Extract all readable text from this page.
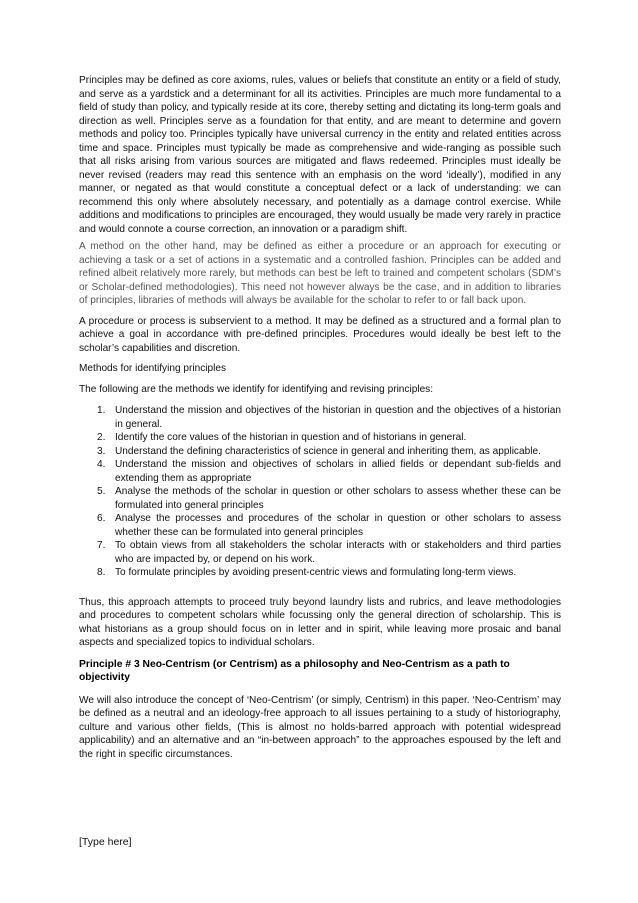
Principles may be defined as core axioms, rules, values or beliefs that constitute an entity or a field of study, and serve as a yardstick and a determinant for all its activities. Principles are much more fundamental to a field of study than policy, and typically reside at its core, thereby setting and dictating its long-term goals and direction as well. Principles serve as a foundation for that entity, and are meant to determine and govern methods and policy too. Principles typically have universal currency in the entity and related entities across time and space. Principles must typically be made as comprehensive and wide-ranging as possible such that all risks arising from various sources are mitigated and flaws redeemed. Principles must ideally be never revised (readers may read this sentence with an emphasis on the word ‘ideally’), modified in any manner, or negated as that would constitute a conceptual defect or a lack of understanding: we can recommend this only where absolutely necessary, and potentially as a damage control exercise. While additions and modifications to principles are encouraged, they would usually be made very rarely in practice and would connote a course correction, an innovation or a paradigm shift.

A method on the other hand, may be defined as either a procedure or an approach for executing or achieving a task or a set of actions in a systematic and a controlled fashion. Principles can be added and refined albeit relatively more rarely, but methods can best be left to trained and competent scholars (SDM’s or Scholar-defined methodologies). This need not however always be the case, and in addition to libraries of principles, libraries of methods will always be available for the scholar to refer to or fall back upon.

A procedure or process is subservient to a method. It may be defined as a structured and a formal plan to achieve a goal in accordance with pre-defined principles. Procedures would ideally be best left to the scholar’s capabilities and discretion.

Methods for identifying principles

The following are the methods we identify for identifying and revising principles:

1. Understand the mission and objectives of the historian in question and the objectives of a historian in general.
2. Identify the core values of the historian in question and of historians in general.
3. Understand the defining characteristics of science in general and inheriting them, as applicable.
4. Understand the mission and objectives of scholars in allied fields or dependant sub-fields and extending them as appropriate
5. Analyse the methods of the scholar in question or other scholars to assess whether these can be formulated into general principles
6. Analyse the processes and procedures of the scholar in question or other scholars to assess whether these can be formulated into general principles
7. To obtain views from all stakeholders the scholar interacts with or stakeholders and third parties who are impacted by, or depend on his work.
8. To formulate principles by avoiding present-centric views and formulating long-term views.

Thus, this approach attempts to proceed truly beyond laundry lists and rubrics, and leave methodologies and procedures to competent scholars while focussing only the general direction of scholarship. This is what historians as a group should focus on in letter and in spirit, while leaving more prosaic and banal aspects and specialized topics to individual scholars.

Principle # 3 Neo-Centrism (or Centrism) as a philosophy and Neo-Centrism as a path to objectivity

We will also introduce the concept of ‘Neo-Centrism’ (or simply, Centrism) in this paper. ‘Neo-Centrism’ may be defined as a neutral and an ideology-free approach to all issues pertaining to a study of historiography, culture and various other fields, (This is almost no holds-barred approach with potential widespread applicability) and an alternative and an “in-between approach” to the approaches espoused by the left and the right in specific circumstances.

[Type here]
